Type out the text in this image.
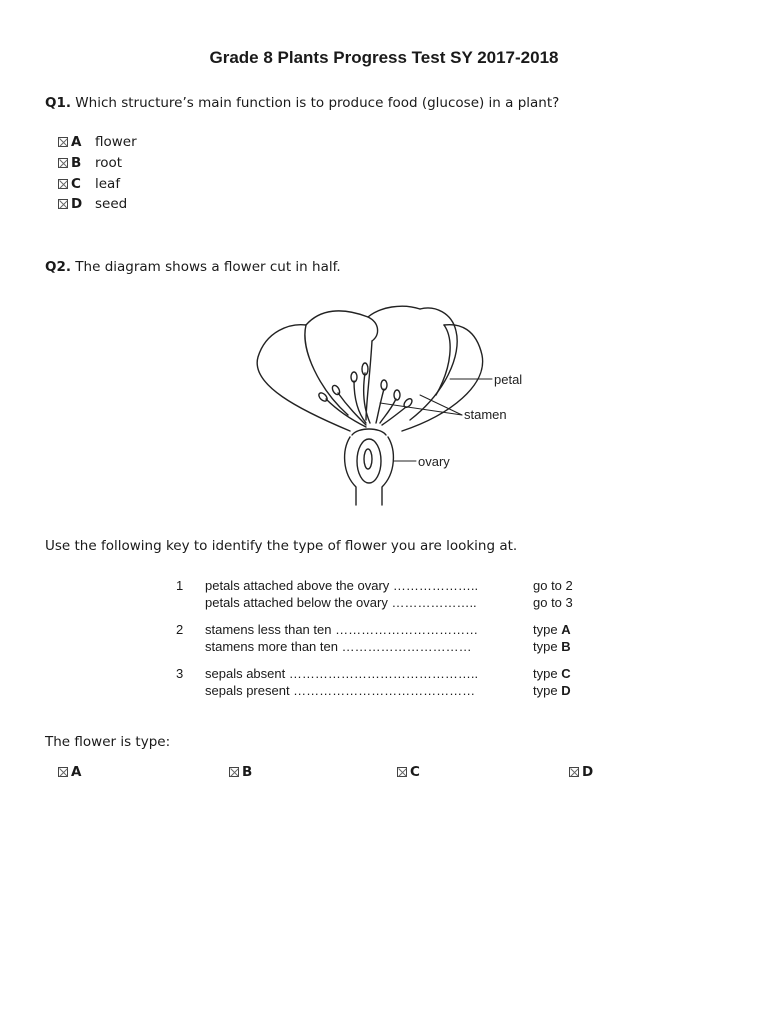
Grade 8 Plants Progress Test SY 2017-2018
Q1. Which structure’s main function is to produce food (glucose) in a plant?
A	flower
B	root
C	leaf
D seed
Q2. The diagram shows a flower cut in half.
petal
stamen
ovary
Use the following key to identify the type of flower you are looking at.
1 petals attached above the ovary ………………..	go to 2
petals attached below the ovary ………………..	go to 3
2 stamens less than ten ……………………………	type A
stamens more than ten …………………………	type B
3 sepals absent ……………………………………..	type C
sepals present ……………………………………	type D
The flower is type:
A	B	C	D
